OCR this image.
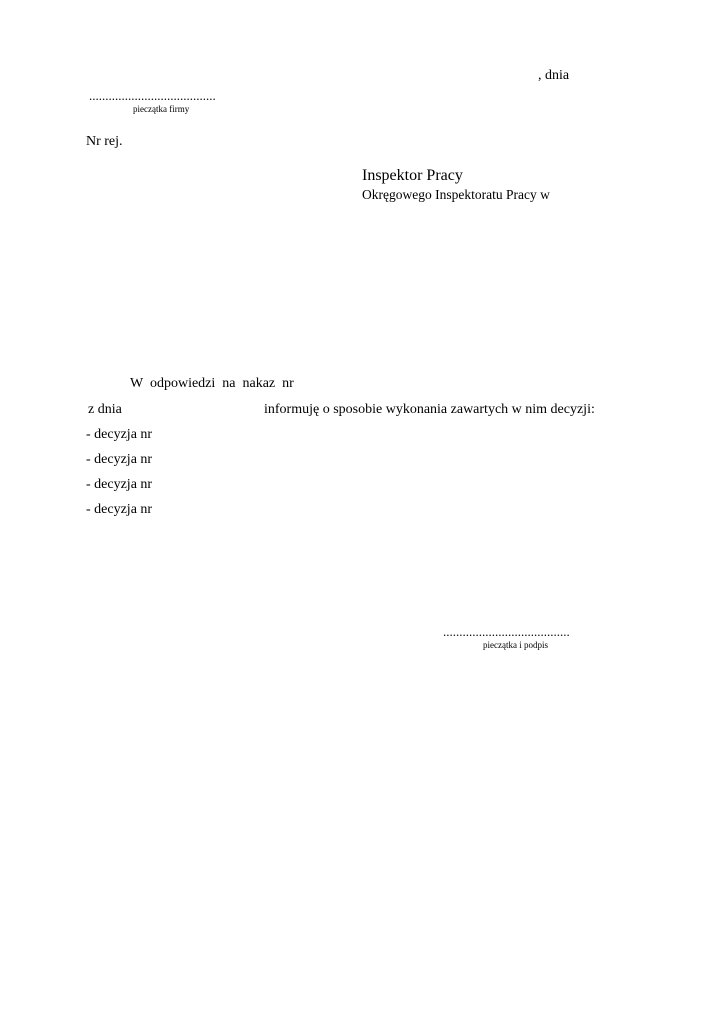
, dnia
.......................................
pieczątka firmy
Nr rej.
Inspektor Pracy
Okręgowego Inspektoratu Pracy w
W  odpowiedzi  na  nakaz  nr
z dnia	informuję o sposobie wykonania zawartych w nim decyzji:
- decyzja nr
- decyzja nr
- decyzja nr
- decyzja nr
.......................................
pieczątka i podpis
